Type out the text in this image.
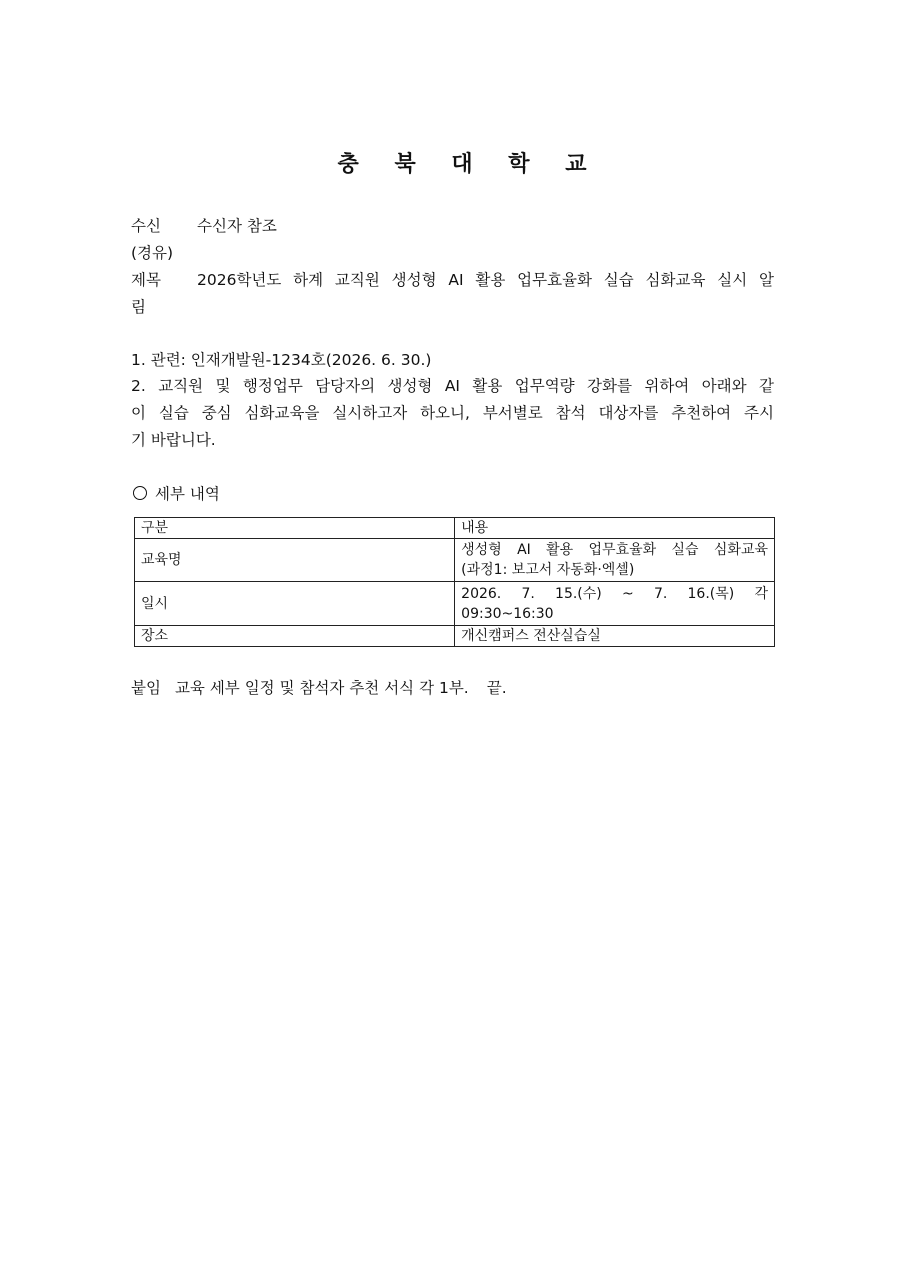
충 북 대 학 교
수신 수신자 참조
(경유)
제목 2026학년도 하계 교직원 생성형 AI 활용 업무효율화 실습 심화교육 실시 알
림
1. 관련: 인재개발원-1234호(2026. 6. 30.)
2. 교직원 및 행정업무 담당자의 생성형 AI 활용 업무역량 강화를 위하여 아래와 같
이 실습 중심 심화교육을 실시하고자 하오니, 부서별로 참석 대상자를 추천하여 주시
기 바랍니다.
세부 내역
구분	내용
교육명	생성형 AI 활용 업무효율화 실습 심화교육
(과정1: 보고서 자동화·엑셀)

일시	2026. 7. 15.(수) ~ 7. 16.(목) 각
09:30~16:30

장소	개신캠퍼스 전산실습실
붙임 교육 세부 일정 및 참석자 추천 서식 각 1부. 끝.
